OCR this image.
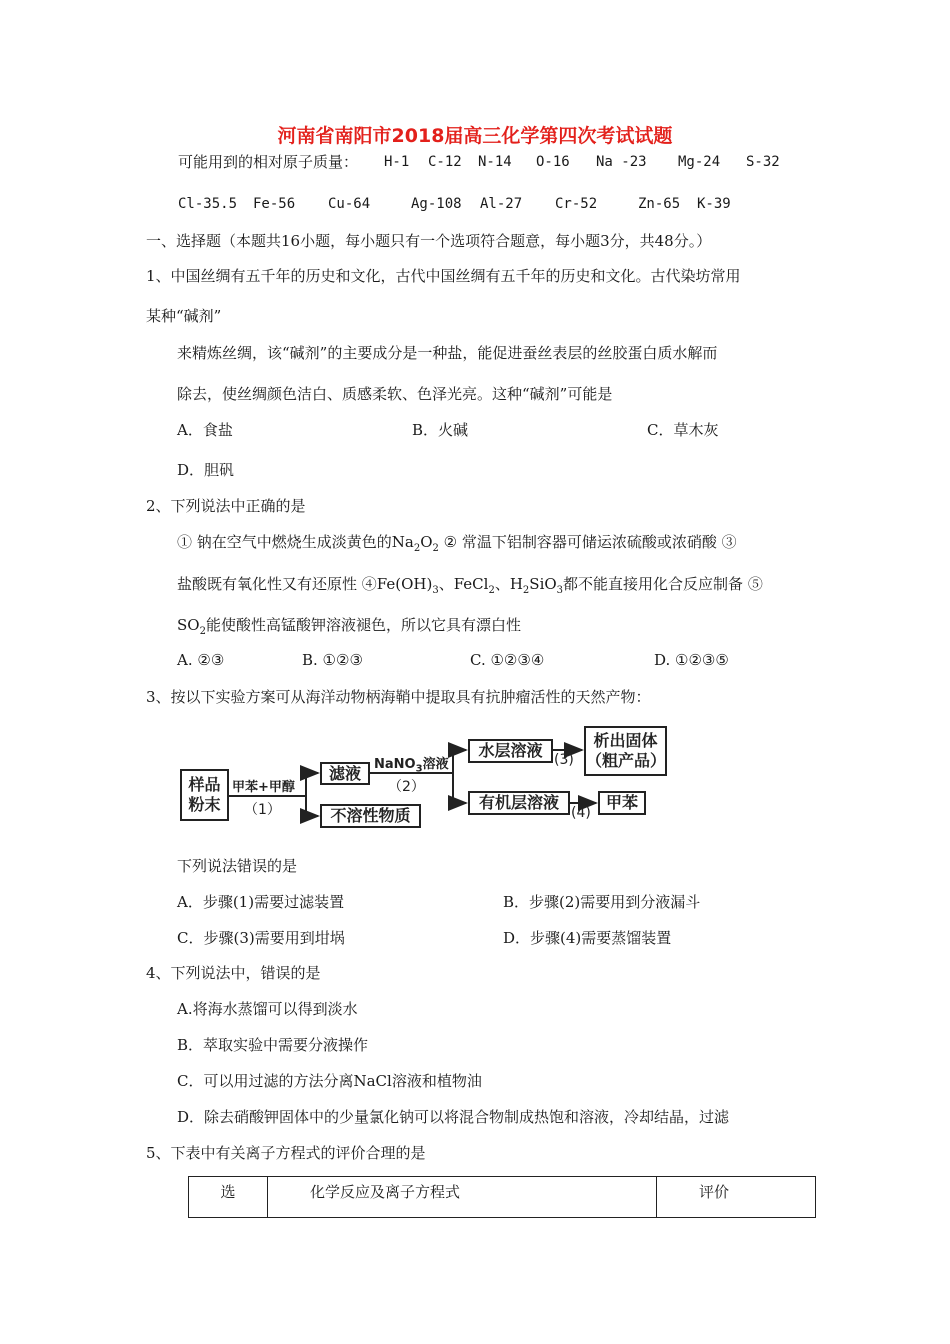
河南省南阳市2018届高三化学第四次考试试题
可能用到的相对原子质量： H-1 C-12 N-14 O-16 Na -23 Mg-24 S-32
Cl-35.5 Fe-56 Cu-64	Ag-108 Al-27 Cr-52	Zn-65 K-39
一、选择题（本题共16小题，每小题只有一个选项符合题意，每小题3分，共48分。）
1、中国丝绸有五千年的历史和文化，古代中国丝绸有五千年的历史和文化。古代染坊常用
某种“碱剂”
来精炼丝绸，该“碱剂”的主要成分是一种盐，能促进蚕丝表层的丝胶蛋白质水解而
除去，使丝绸颜色洁白、质感柔软、色泽光亮。这种“碱剂”可能是
A．食盐	B．火碱	C．草木灰
D．胆矾
2、下列说法中正确的是
① 钠在空气中燃烧生成淡黄色的$Na_2O_2$ ② 常温下铝制容器可储运浓硫酸或浓硝酸 ③
盐酸既有氧化性又有还原性 $④Fe(OH)_3$、FeCl$_2$、$H_2SiO_3$都不能直接用化合反应制备 ⑤
$SO_2$能使酸性高锰酸钾溶液褪色，所以它具有漂白性
A. ②③	B. ①②③	C. ①②③④	D. ①②③⑤
3、按以下实验方案可从海洋动物柄海鞘中提取具有抗肿瘤活性的天然产物：
样品
粉末
甲苯+甲醇
（1）
滤液
不溶性物质
NaNO$_3$溶液
（2）
水层溶液 (3)
析出固体
（粗产品）
有机层溶液
(4)
甲苯
下列说法错误的是
A．步骤(1)需要过滤装置	B．步骤(2)需要用到分液漏斗
C．步骤(3)需要用到坩埚	D．步骤(4)需要蒸馏装置
4、下列说法中，错误的是
A.将海水蒸馏可以得到淡水
B．萃取实验中需要分液操作
C．可以用过滤的方法分离NaCl溶液和植物油
D．除去硝酸钾固体中的少量氯化钠可以将混合物制成热饱和溶液，冷却结晶，过滤
5、下表中有关离子方程式的评价合理的是
选	化学反应及离子方程式	评价
